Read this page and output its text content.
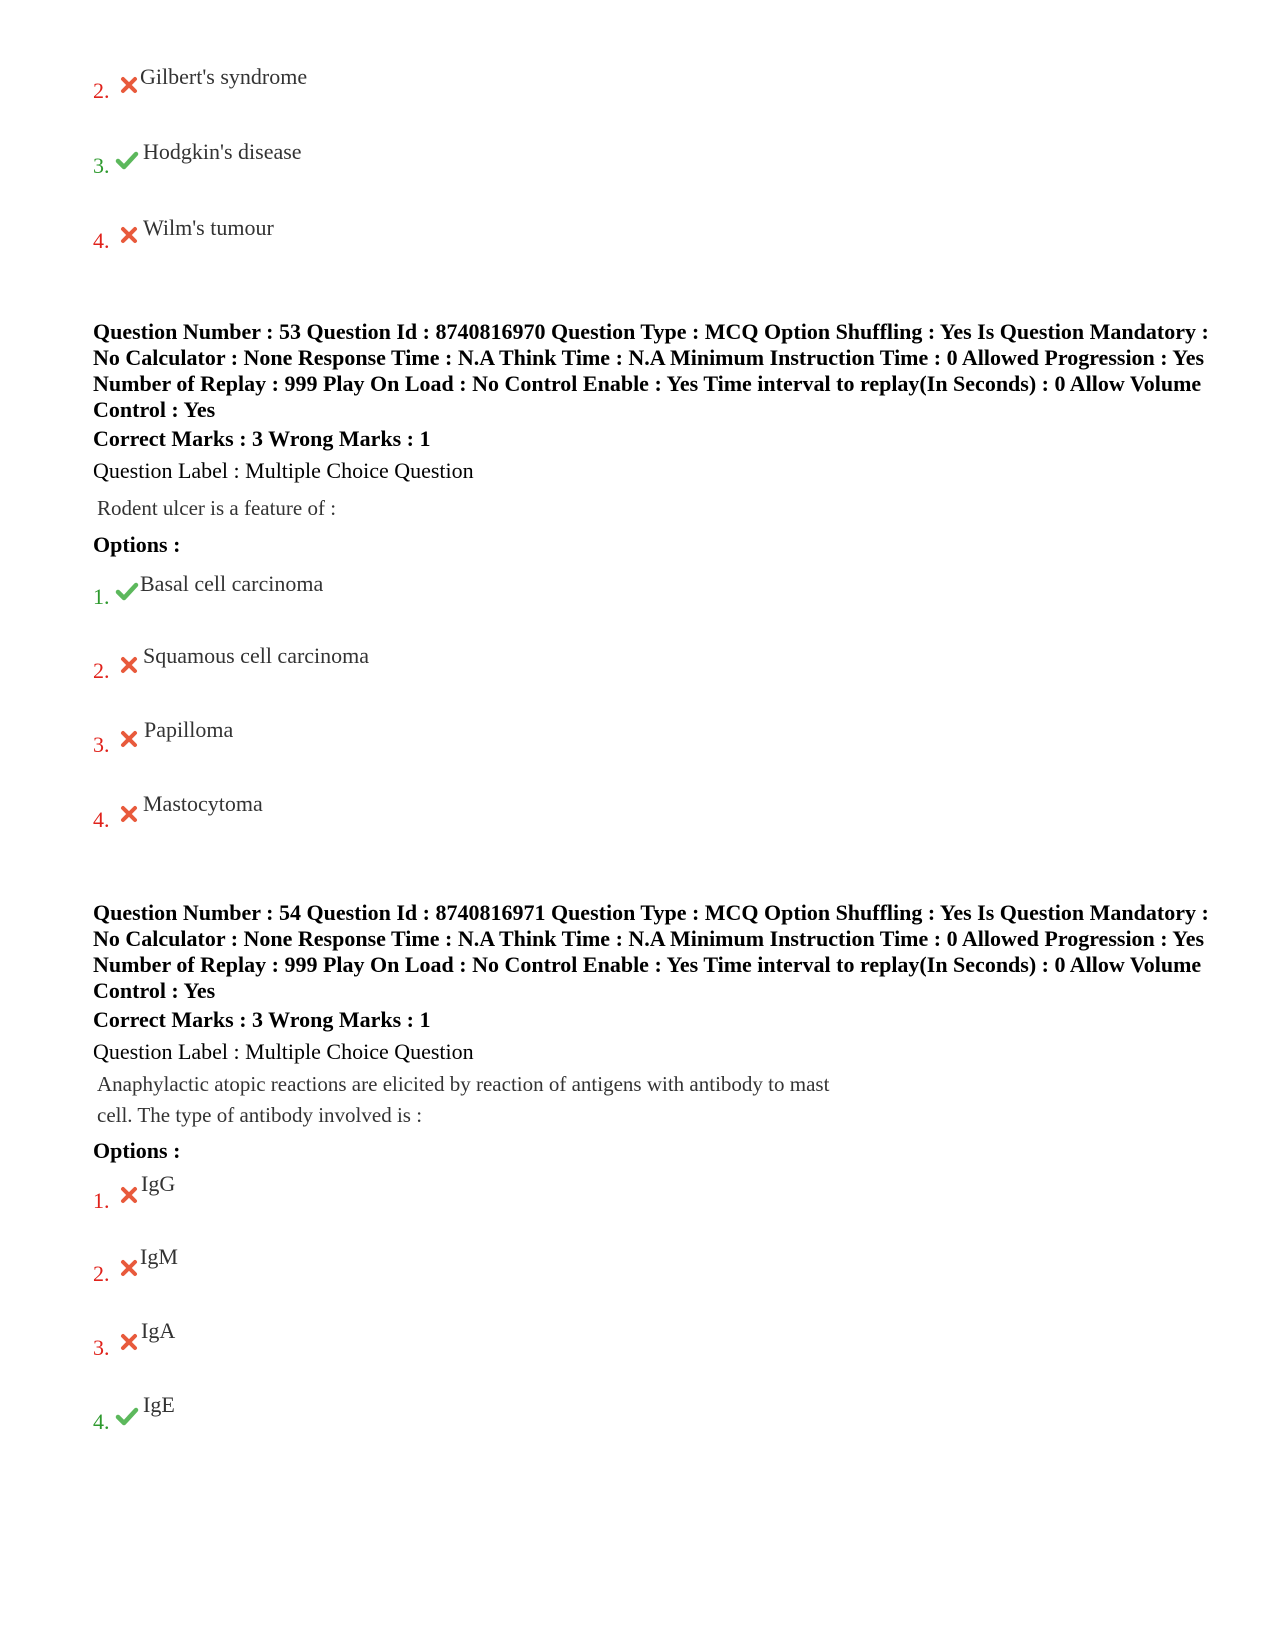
2.
Gilbert's syndrome
3.
Hodgkin's disease
4.
Wilm's tumour
Question Number : 53 Question Id : 8740816970 Question Type : MCQ Option Shuffling : Yes Is Question Mandatory : No Calculator : None Response Time : N.A Think Time : N.A Minimum Instruction Time : 0 Allowed Progression : Yes Number of Replay : 999 Play On Load : No Control Enable : Yes Time interval to replay(In Seconds) : 0 Allow Volume Control : Yes
Correct Marks : 3 Wrong Marks : 1
Question Label : Multiple Choice Question
Rodent ulcer is a feature of :
Options :
1.
Basal cell carcinoma
2.
Squamous cell carcinoma
3.
Papilloma
4.
Mastocytoma
Question Number : 54 Question Id : 8740816971 Question Type : MCQ Option Shuffling : Yes Is Question Mandatory : No Calculator : None Response Time : N.A Think Time : N.A Minimum Instruction Time : 0 Allowed Progression : Yes Number of Replay : 999 Play On Load : No Control Enable : Yes Time interval to replay(In Seconds) : 0 Allow Volume Control : Yes
Correct Marks : 3 Wrong Marks : 1
Question Label : Multiple Choice Question
Anaphylactic atopic reactions are elicited by reaction of antigens with antibody to mast
cell. The type of antibody involved is :
Options :
1.
IgG
2.
IgM
3.
IgA
4.
IgE
